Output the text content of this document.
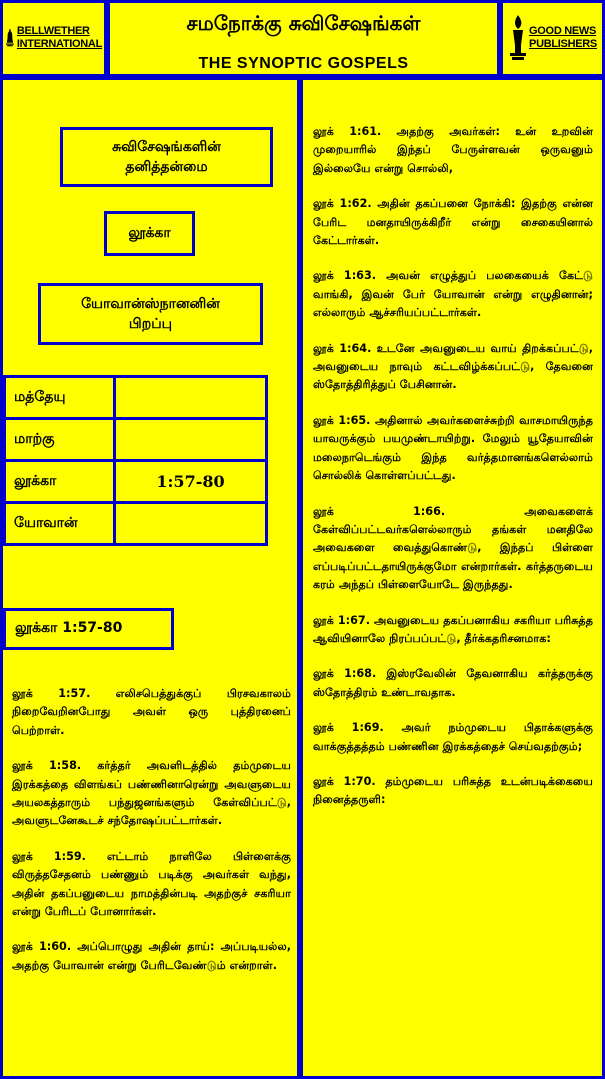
சமநோக்கு சுவிசேஷங்கள்
THE SYNOPTIC GOSPELS
BELLWETHER
INTERNATIONAL
GOOD NEWS
PUBLISHERS
சுவிசேஷங்களின் தனித்தன்மை
லூக்கா
யோவான்ஸ்நானனின் பிறப்பு
மத்தேயு	
மாற்கு	
லூக்கா	1:57-80
யோவான்	
லூக்கா 1:57-80

லூக் 1:57. எலிசபெத்துக்குப் பிரசவகாலம் நிறைவேறினபோது அவள் ஒரு புத்திரனைப் பெற்றாள்.

லூக் 1:58. கர்த்தர் அவளிடத்தில் தம்முடைய இரக்கத்தை விளங்கப் பண்ணினாரென்று அவளுடைய அயலகத்தாரும் பந்துஜனங்களும் கேள்விப்பட்டு, அவளுடனேகூடச் சந்தோஷப்பட்டார்கள்.

லூக் 1:59. எட்டாம் நாளிலே பிள்ளைக்கு விருத்தசேதனம் பண்ணும் படிக்கு அவர்கள் வந்து, அதின் தகப்பனுடைய நாமத்தின்படி அதற்குச் சகரியா என்று பேரிடப் போனார்கள்.

லூக் 1:60. அப்பொழுது அதின் தாய்: அப்படியல்ல, அதற்கு யோவான் என்று பேரிடவேண்டும் என்றாள்.

லூக் 1:61. அதற்கு அவர்கள்: உன் உறவின் முறையாரில் இந்தப் பேருள்ளவன் ஒருவனும் இல்லையே என்று சொல்லி,

லூக் 1:62. அதின் தகப்பனை நோக்கி: இதற்கு என்ன பேரிட மனதாயிருக்கிறீர் என்று சைகையினால் கேட்டார்கள்.

லூக் 1:63. அவன் எழுத்துப் பலகையைக் கேட்டு வாங்கி, இவன் பேர் யோவான் என்று எழுதினான்; எல்லாரும் ஆச்சரியப்பட்டார்கள்.

லூக் 1:64. உடனே அவனுடைய வாய் திறக்கப்பட்டு, அவனுடைய நாவும் கட்டவிழ்க்கப்பட்டு, தேவனை ஸ்தோத்திரித்துப் பேசினான்.

லூக் 1:65. அதினால் அவர்களைச்சுற்றி வாசமாயிருந்த யாவருக்கும் பயமுண்டாயிற்று. மேலும் யூதேயாவின் மலைநாடெங்கும் இந்த வர்த்தமானங்களெல்லாம் சொல்லிக் கொள்ளப்பட்டது.

லூக் 1:66. அவைகளைக் கேள்விப்பட்டவர்களெல்லாரும் தங்கள் மனதிலே அவைகளை வைத்துகொண்டு, இந்தப் பிள்ளை எப்படிப்பட்டதாயிருக்குமோ என்றார்கள். கர்த்தருடைய கரம் அந்தப் பிள்ளையோடே இருந்தது.

லூக் 1:67. அவனுடைய தகப்பனாகிய சகரியா பரிசுத்த ஆவியினாலே நிரப்பப்பட்டு, தீர்க்கதரிசனமாக:

லூக் 1:68. இஸ்ரவேலின் தேவனாகிய கர்த்தருக்கு ஸ்தோத்திரம் உண்டாவதாக.

லூக் 1:69. அவர் நம்முடைய பிதாக்களுக்கு வாக்குத்தத்தம் பண்ணின இரக்கத்தைச் செய்வதற்கும்;

லூக் 1:70. தம்முடைய பரிசுத்த உடன்படிக்கையை நினைத்தருளி:
